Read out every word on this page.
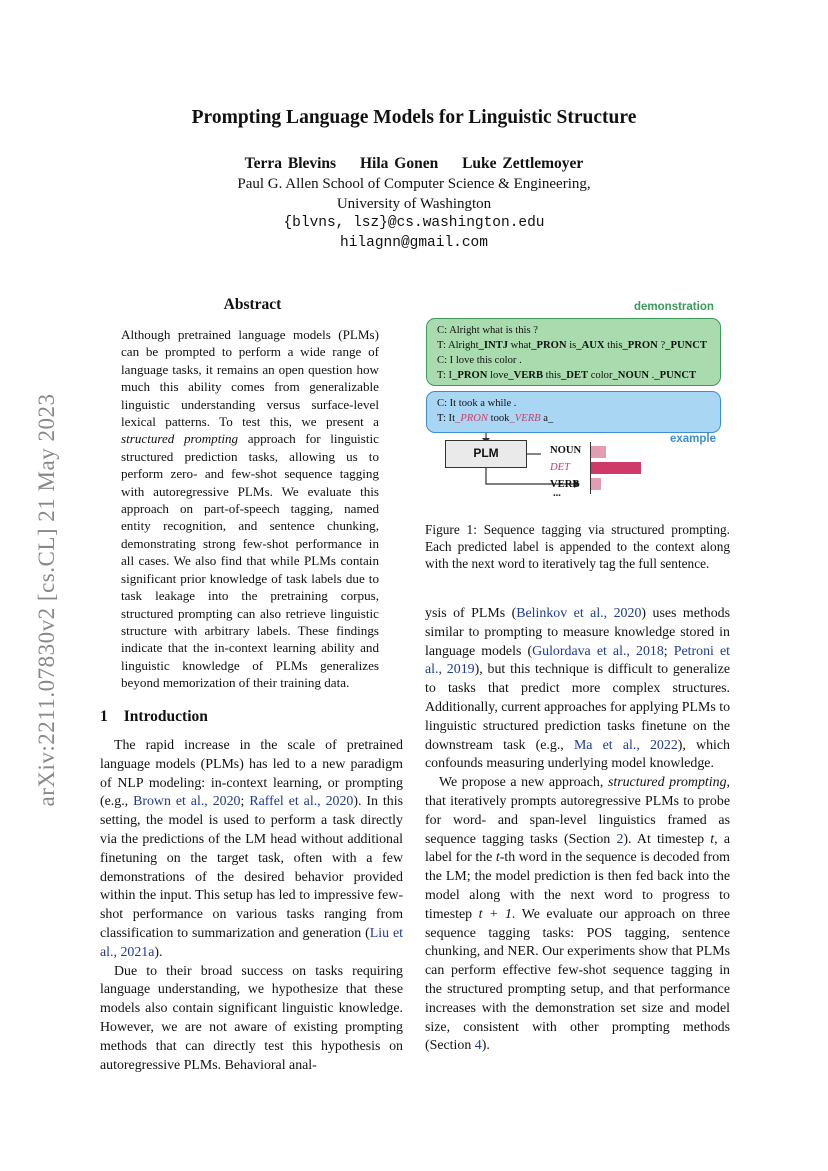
arXiv:2211.07830v2 [cs.CL] 21 May 2023
Prompting Language Models for Linguistic Structure
Terra Blevins Hila Gonen Luke Zettlemoyer
Paul G. Allen School of Computer Science & Engineering,
University of Washington
{blvns, lsz}@cs.washington.edu
hilagnn@gmail.com
Abstract
Although pretrained language models (PLMs) can be prompted to perform a wide range of language tasks, it remains an open question how much this ability comes from generalizable linguistic understanding versus surface-level lexical patterns. To test this, we present a structured prompting approach for linguistic structured prediction tasks, allowing us to perform zero- and few-shot sequence tagging with autoregressive PLMs. We evaluate this approach on part-of-speech tagging, named entity recognition, and sentence chunking, demonstrating strong few-shot performance in all cases. We also find that while PLMs contain significant prior knowledge of task labels due to task leakage into the pretraining corpus, structured prompting can also retrieve linguistic structure with arbitrary labels. These findings indicate that the in-context learning ability and linguistic knowledge of PLMs generalizes beyond memorization of their training data.
1 Introduction

The rapid increase in the scale of pretrained language models (PLMs) has led to a new paradigm of NLP modeling: in-context learning, or prompting (e.g., Brown et al., 2020; Raffel et al., 2020). In this setting, the model is used to perform a task directly via the predictions of the LM head without additional finetuning on the target task, often with a few demonstrations of the desired behavior provided within the input. This setup has led to impressive few-shot performance on various tasks ranging from classification to summarization and generation (Liu et al., 2021a).

Due to their broad success on tasks requiring language understanding, we hypothesize that these models also contain significant linguistic knowledge. However, we are not aware of existing prompting methods that can directly test this hypothesis on autoregressive PLMs. Behavioral anal-

demonstration
C: Alright what is this ?
T: Alright_INTJ what_PRON is_AUX this_PRON ?_PUNCT
C: I love this color .
T: I_PRON love_VERB this_DET color_NOUN ._PUNCT
C: It took a while .
T: It_PRON took_VERB a_
example
PLM	NOUN
DET
VERB
...
Figure 1: Sequence tagging via structured prompting. Each predicted label is appended to the context along with the next word to iteratively tag the full sentence.

ysis of PLMs (Belinkov et al., 2020) uses methods similar to prompting to measure knowledge stored in language models (Gulordava et al., 2018; Petroni et al., 2019), but this technique is difficult to generalize to tasks that predict more complex structures. Additionally, current approaches for applying PLMs to linguistic structured prediction tasks finetune on the downstream task (e.g., Ma et al., 2022), which confounds measuring underlying model knowledge.

We propose a new approach, structured prompting, that iteratively prompts autoregressive PLMs to probe for word- and span-level linguistics framed as sequence tagging tasks (Section 2). At timestep t, a label for the t-th word in the sequence is decoded from the LM; the model prediction is then fed back into the model along with the next word to progress to timestep t + 1. We evaluate our approach on three sequence tagging tasks: POS tagging, sentence chunking, and NER. Our experiments show that PLMs can perform effective few-shot sequence tagging in the structured prompting setup, and that performance increases with the demonstration set size and model size, consistent with other prompting methods (Section 4).
